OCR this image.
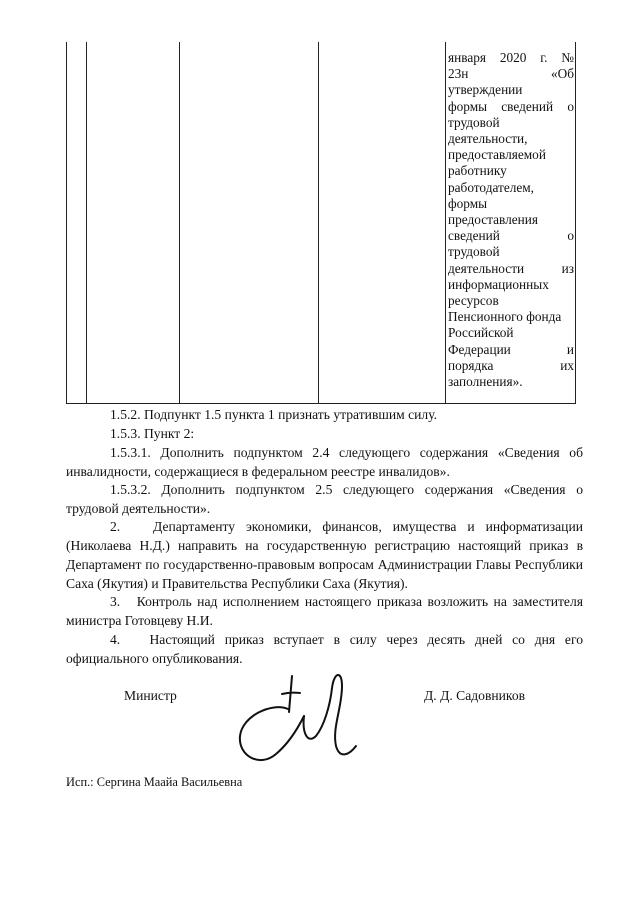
января 2020 г. №
23н	«Об
утверждении
формы сведений о
трудовой
деятельности,
предоставляемой
работнику
работодателем,
формы
предоставления
сведений	о
трудовой
деятельности	из
информационных
ресурсов
Пенсионного фонда
Российской
Федерации	и
порядка	их
заполнения».

1.5.2. Подпункт 1.5 пункта 1 признать утратившим силу.

1.5.3. Пункт 2:

1.5.3.1. Дополнить подпунктом 2.4 следующего содержания «Сведения об инвалидности, содержащиеся в федеральном реестре инвалидов».

1.5.3.2. Дополнить подпунктом 2.5 следующего содержания «Сведения о трудовой деятельности».

2.   Департаменту экономики, финансов, имущества и информатизации (Николаева Н.Д.) направить на государственную регистрацию настоящий приказ в Департамент по государственно-правовым вопросам Администрации Главы Республики Саха (Якутия) и Правительства Республики Саха (Якутия).

3.   Контроль над исполнением настоящего приказа возложить на заместителя министра Готовцеву Н.И.

4.   Настоящий приказ вступает в силу через десять дней со дня его официального опубликования.

Министр	Д. Д. Садовников
Исп.: Сергина Маайа Васильевна
